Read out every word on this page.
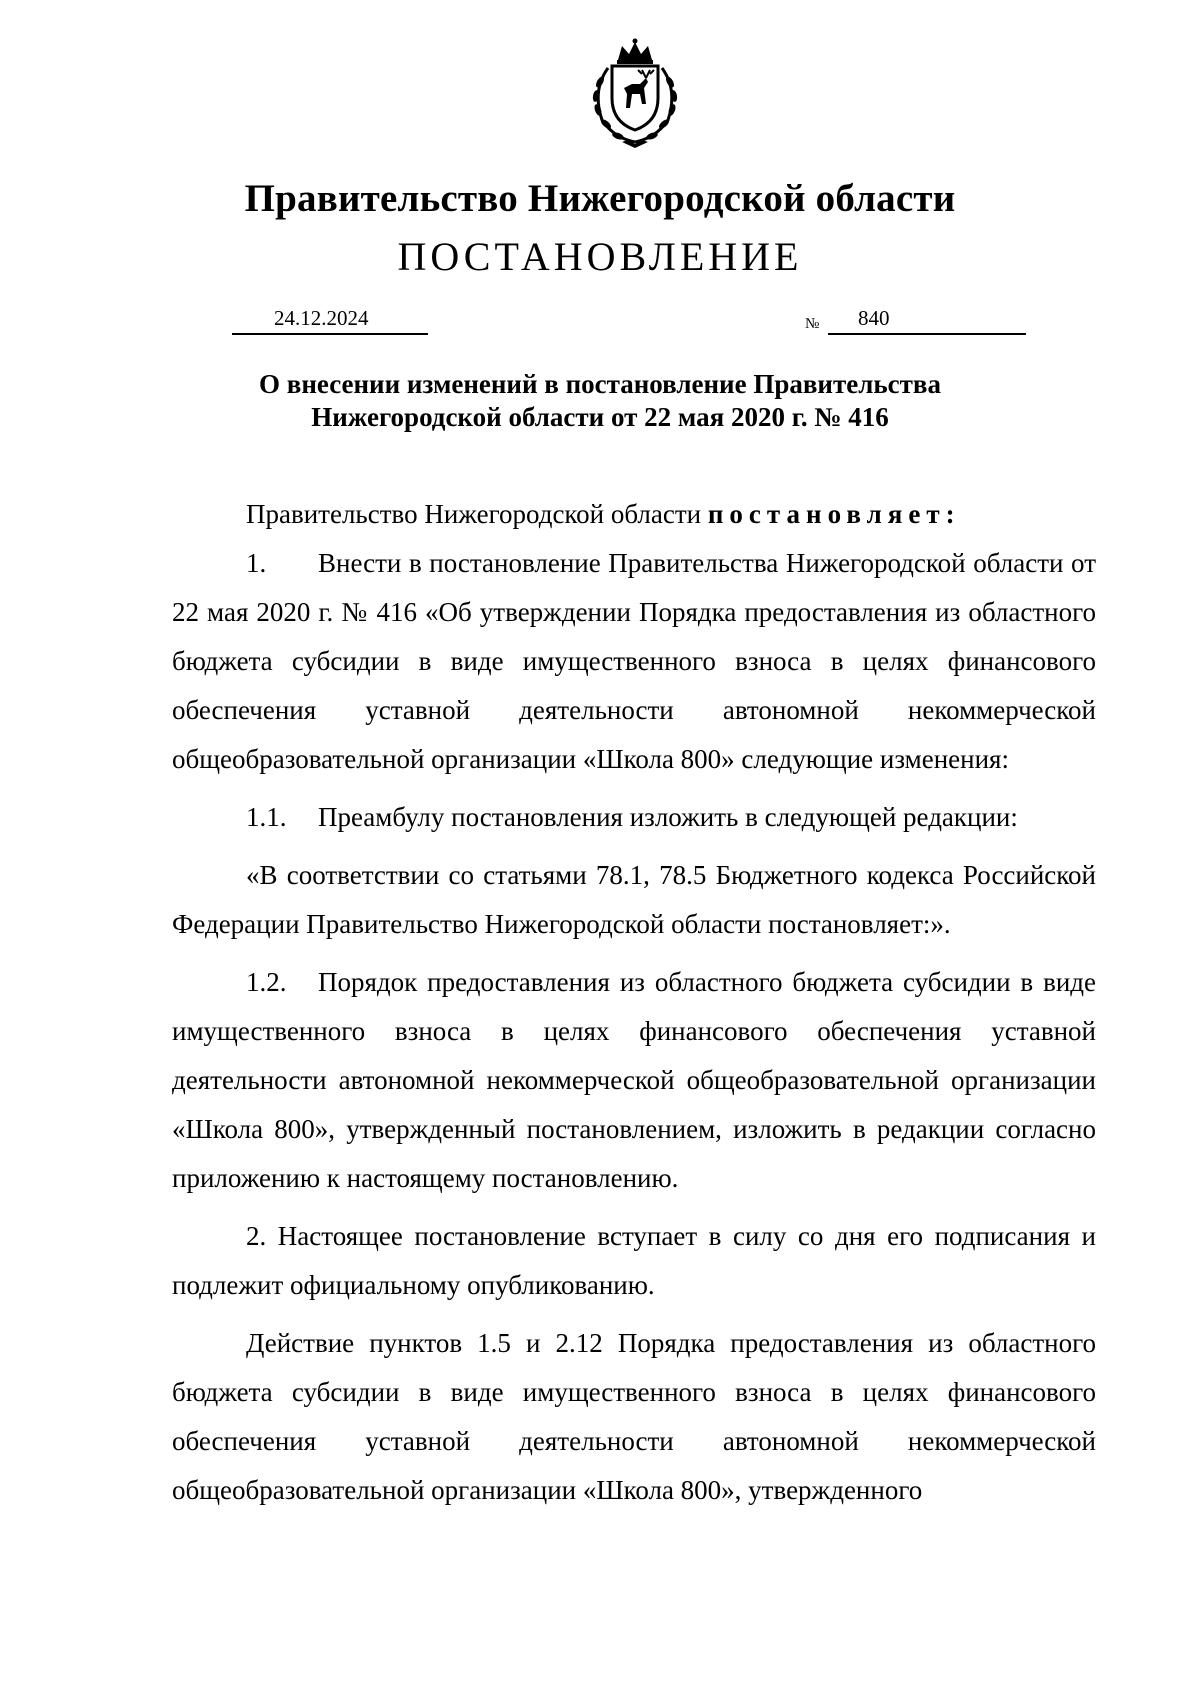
Правительство Нижегородской области
ПОСТАНОВЛЕНИЕ
24.12.2024	№ 840
О внесении изменений в постановление Правительства
Нижегородской области от 22 мая 2020 г. № 416

Правительство Нижегородской области постановляет:

1. Внести в постановление Правительства Нижегородской области от 22 мая 2020 г. № 416 «Об утверждении Порядка предоставления из областного бюджета субсидии в виде имущественного взноса в целях финансового обеспечения уставной деятельности автономной некоммерческой общеобразовательной организации «Школа 800» следующие изменения:

1.1. Преамбулу постановления изложить в следующей редакции:

«В соответствии со статьями 78.1, 78.5 Бюджетного кодекса Российской Федерации Правительство Нижегородской области постановляет:».

1.2. Порядок предоставления из областного бюджета субсидии в виде имущественного взноса в целях финансового обеспечения уставной деятельности автономной некоммерческой общеобразовательной организации «Школа 800», утвержденный постановлением, изложить в редакции согласно приложению к настоящему постановлению.

2. Настоящее постановление вступает в силу со дня его подписания и подлежит официальному опубликованию.

Действие пунктов 1.5 и 2.12 Порядка предоставления из областного бюджета субсидии в виде имущественного взноса в целях финансового обеспечения уставной деятельности автономной некоммерческой общеобразовательной организации «Школа 800», утвержденного
